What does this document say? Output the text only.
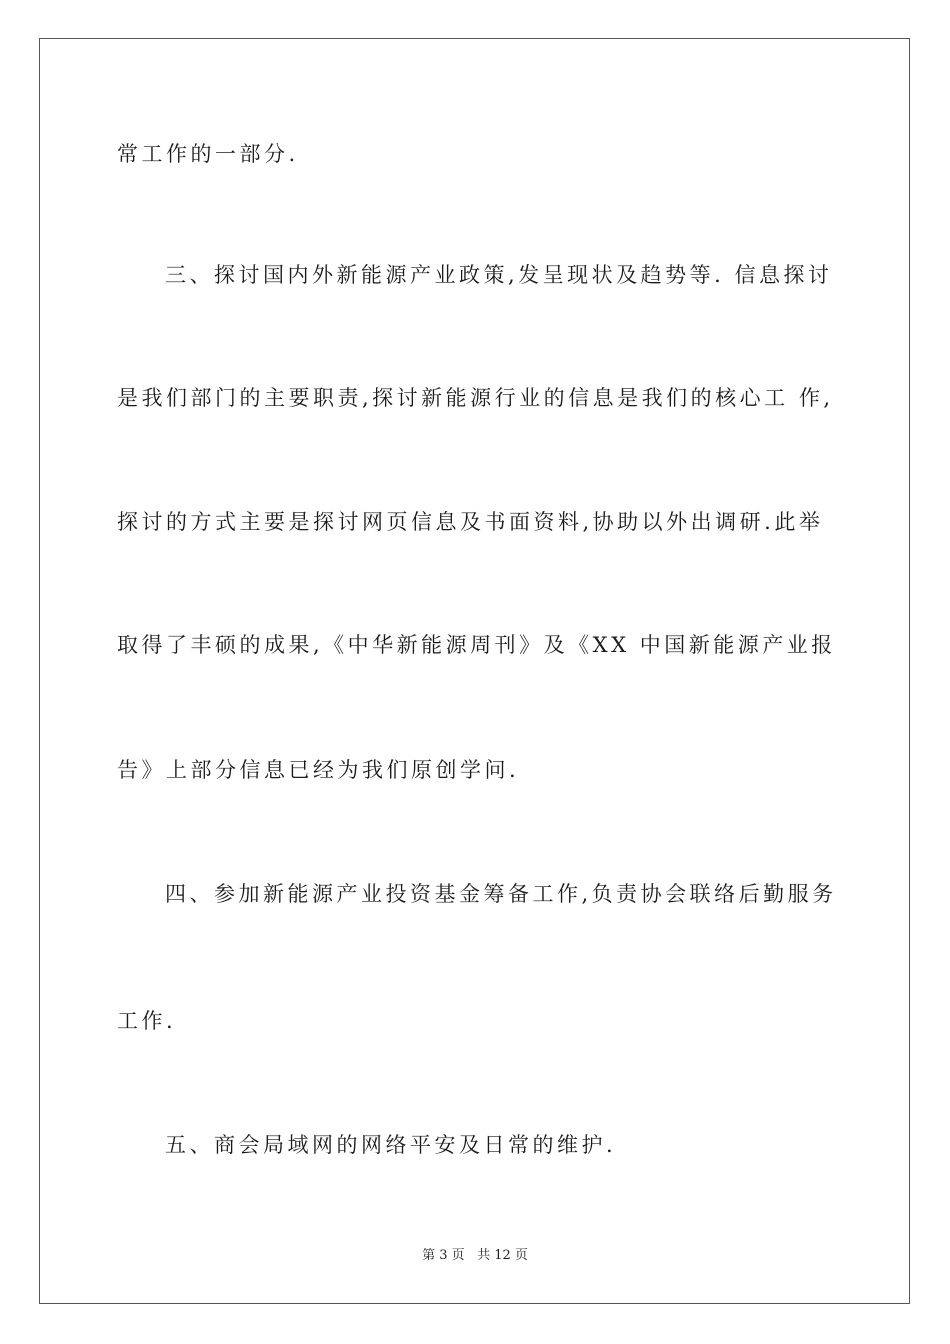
常工作的一部分.
三、探讨国内外新能源产业政策,发呈现状及趋势等. 信息探讨
是我们部门的主要职责,探讨新能源行业的信息是我们的核心工 作,
探讨的方式主要是探讨网页信息及书面资料,协助以外出调研.此举
取得了丰硕的成果,《中华新能源周刊》及《XX 中国新能源产业报
告》上部分信息已经为我们原创学问.
四、参加新能源产业投资基金筹备工作,负责协会联络后勤服务
工作.
五、商会局域网的网络平安及日常的维护.
第 3 页 共 12 页
